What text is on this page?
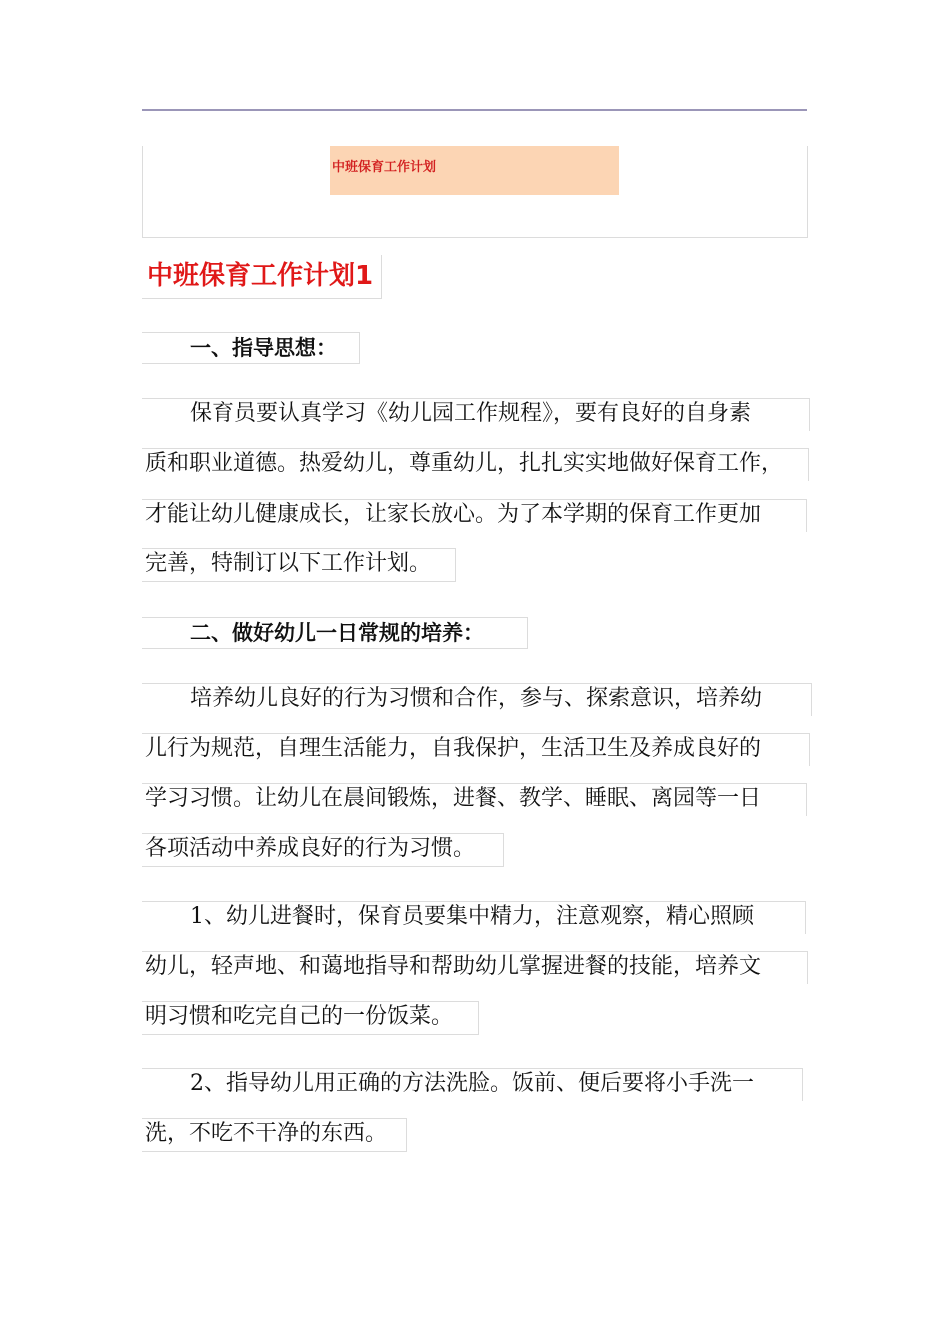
中班保育工作计划
中班保育工作计划1
一、指导思想：
保育员要认真学习《幼儿园工作规程》，要有良好的自身素
质和职业道德。热爱幼儿，尊重幼儿，扎扎实实地做好保育工作，
才能让幼儿健康成长，让家长放心。为了本学期的保育工作更加
完善，特制订以下工作计划。
二、做好幼儿一日常规的培养：
培养幼儿良好的行为习惯和合作，参与、探索意识，培养幼
儿行为规范，自理生活能力，自我保护，生活卫生及养成良好的
学习习惯。让幼儿在晨间锻炼，进餐、教学、睡眠、离园等一日
各项活动中养成良好的行为习惯。
1、幼儿进餐时，保育员要集中精力，注意观察，精心照顾
幼儿，轻声地、和蔼地指导和帮助幼儿掌握进餐的技能，培养文
明习惯和吃完自己的一份饭菜。
2、指导幼儿用正确的方法洗脸。饭前、便后要将小手洗一
洗，不吃不干净的东西。
